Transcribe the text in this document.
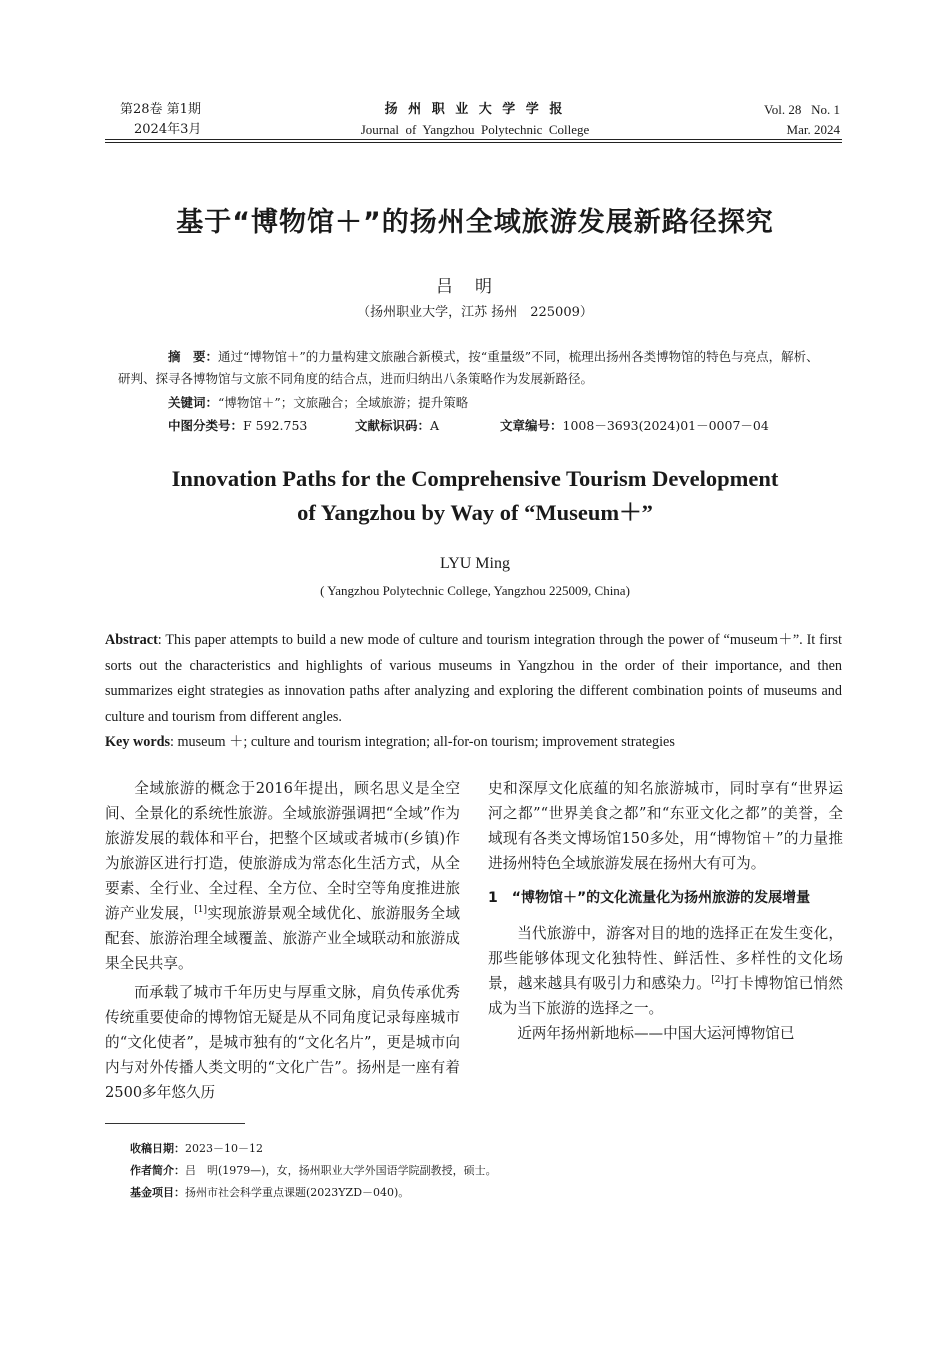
第28卷 第1期
2024年3月
扬 州 职 业 大 学 学 报
Journal  of  Yangzhou  Polytechnic  College
Vol. 28   No. 1
Mar. 2024
基于“博物馆＋”的扬州全域旅游发展新路径探究
吕明
（扬州职业大学，江苏 扬州　225009）
摘　要：通过“博物馆＋”的力量构建文旅融合新模式，按“重量级”不同，梳理出扬州各类博物馆的特色与亮点，解析、研判、探寻各博物馆与文旅不同角度的结合点，进而归纳出八条策略作为发展新路径。
关键词：“博物馆＋”；文旅融合；全域旅游；提升策略
中图分类号：F 592.753	文献标识码：A	文章编号：1008－3693(2024)01－0007－04
Innovation Paths for the Comprehensive Tourism Development
of Yangzhou by Way of “Museum＋”
LYU Ming
( Yangzhou Polytechnic College, Yangzhou 225009, China)
Abstract: This paper attempts to build a new mode of culture and tourism integration through the power of “museum＋”. It first sorts out the characteristics and highlights of various museums in Yangzhou in the order of their importance, and then summarizes eight strategies as innovation paths after analyzing and exploring the different combination points of museums and culture and tourism from different angles.
Key words: museum ＋; culture and tourism integration; all-for-on tourism; improvement strategies

全域旅游的概念于2016年提出，顾名思义是全空间、全景化的系统性旅游。全域旅游强调把“全域”作为旅游发展的载体和平台，把整个区域或者城市(乡镇)作为旅游区进行打造，使旅游成为常态化生活方式，从全要素、全行业、全过程、全方位、全时空等角度推进旅游产业发展，[1]实现旅游景观全域优化、旅游服务全域配套、旅游治理全域覆盖、旅游产业全域联动和旅游成果全民共享。

而承载了城市千年历史与厚重文脉，肩负传承优秀传统重要使命的博物馆无疑是从不同角度记录每座城市的“文化使者”，是城市独有的“文化名片”，更是城市向内与对外传播人类文明的“文化广告”。扬州是一座有着2500多年悠久历

史和深厚文化底蕴的知名旅游城市，同时享有“世界运河之都”“世界美食之都”和“东亚文化之都”的美誉，全域现有各类文博场馆150多处，用“博物馆＋”的力量推进扬州特色全域旅游发展在扬州大有可为。

1　“博物馆＋”的文化流量化为扬州旅游的发展增量

当代旅游中，游客对目的地的选择正在发生变化，那些能够体现文化独特性、鲜活性、多样性的文化场景，越来越具有吸引力和感染力。[2]打卡博物馆已悄然成为当下旅游的选择之一。

近两年扬州新地标——中国大运河博物馆已

收稿日期：2023－10－12
作者简介：吕　明(1979—)，女，扬州职业大学外国语学院副教授，硕士。
基金项目：扬州市社会科学重点课题(2023YZD－040)。
